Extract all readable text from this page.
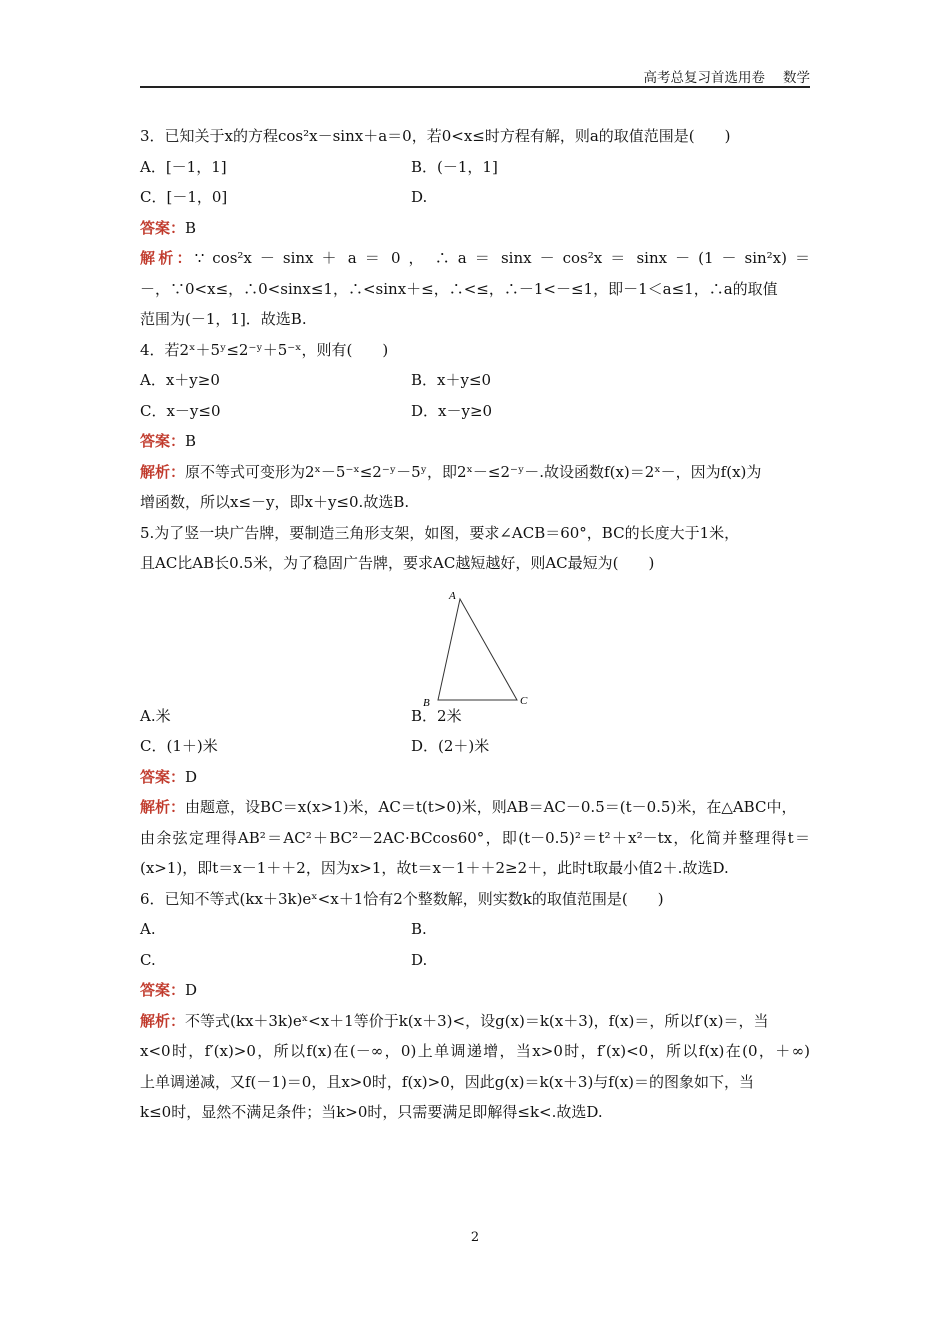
高考总复习首选用卷 数学
3．已知关于x的方程cos²x－sinx＋a＝0，若0<x≤时方程有解，则a的取值范围是(　　)
A．[－1，1]	B．(－1，1]
C．[－1，0]	D.
答案：B
解析：∵ cos²x － sinx ＋ a ＝ 0 ， ∴ a ＝ sinx － cos²x ＝ sinx － (1 － sin²x) ＝
－，∵0<x≤，∴0<sinx≤1，∴<sinx＋≤，∴<≤，∴－1<－≤1，即－1＜a≤1，∴a的取值
范围为(－1，1]．故选B.
4．若2ˣ＋5ʸ≤2⁻ʸ＋5⁻ˣ，则有(　　)
A．x＋y≥0	B．x＋y≤0
C．x－y≤0	D．x－y≥0
答案：B
解析：原不等式可变形为2ˣ－5⁻ˣ≤2⁻ʸ－5ʸ，即2ˣ－≤2⁻ʸ－.故设函数f(x)＝2ˣ－，因为f(x)为
增函数，所以x≤－y，即x＋y≤0.故选B.
5.为了竖一块广告牌，要制造三角形支架，如图，要求∠ACB＝60°，BC的长度大于1米，
且AC比AB长0.5米，为了稳固广告牌，要求AC越短越好，则AC最短为(　　)
A.米	B．2米
C．(1＋)米	D．(2＋)米
答案：D
解析：由题意，设BC＝x(x>1)米，AC＝t(t>0)米，则AB＝AC－0.5＝(t－0.5)米，在△ABC中，
由余弦定理得AB²＝AC²＋BC²－2AC·BCcos60°，即(t－0.5)²＝t²＋x²－tx，化简并整理得t＝
(x>1)，即t＝x－1＋＋2，因为x>1，故t＝x－1＋＋2≥2＋，此时t取最小值2＋.故选D.
6．已知不等式(kx＋3k)eˣ<x＋1恰有2个整数解，则实数k的取值范围是(　　)
A.	B.
C.	D.
答案：D
解析：不等式(kx＋3k)eˣ<x＋1等价于k(x＋3)<，设g(x)＝k(x＋3)，f(x)＝，所以f′(x)＝，当
x<0时，f′(x)>0，所以f(x)在(－∞，0)上单调递增，当x>0时，f′(x)<0，所以f(x)在(0，＋∞)
上单调递减，又f(－1)＝0，且x>0时，f(x)>0，因此g(x)＝k(x＋3)与f(x)＝的图象如下，当
k≤0时，显然不满足条件；当k>0时，只需要满足即解得≤k<.故选D.
A
B	C
2
